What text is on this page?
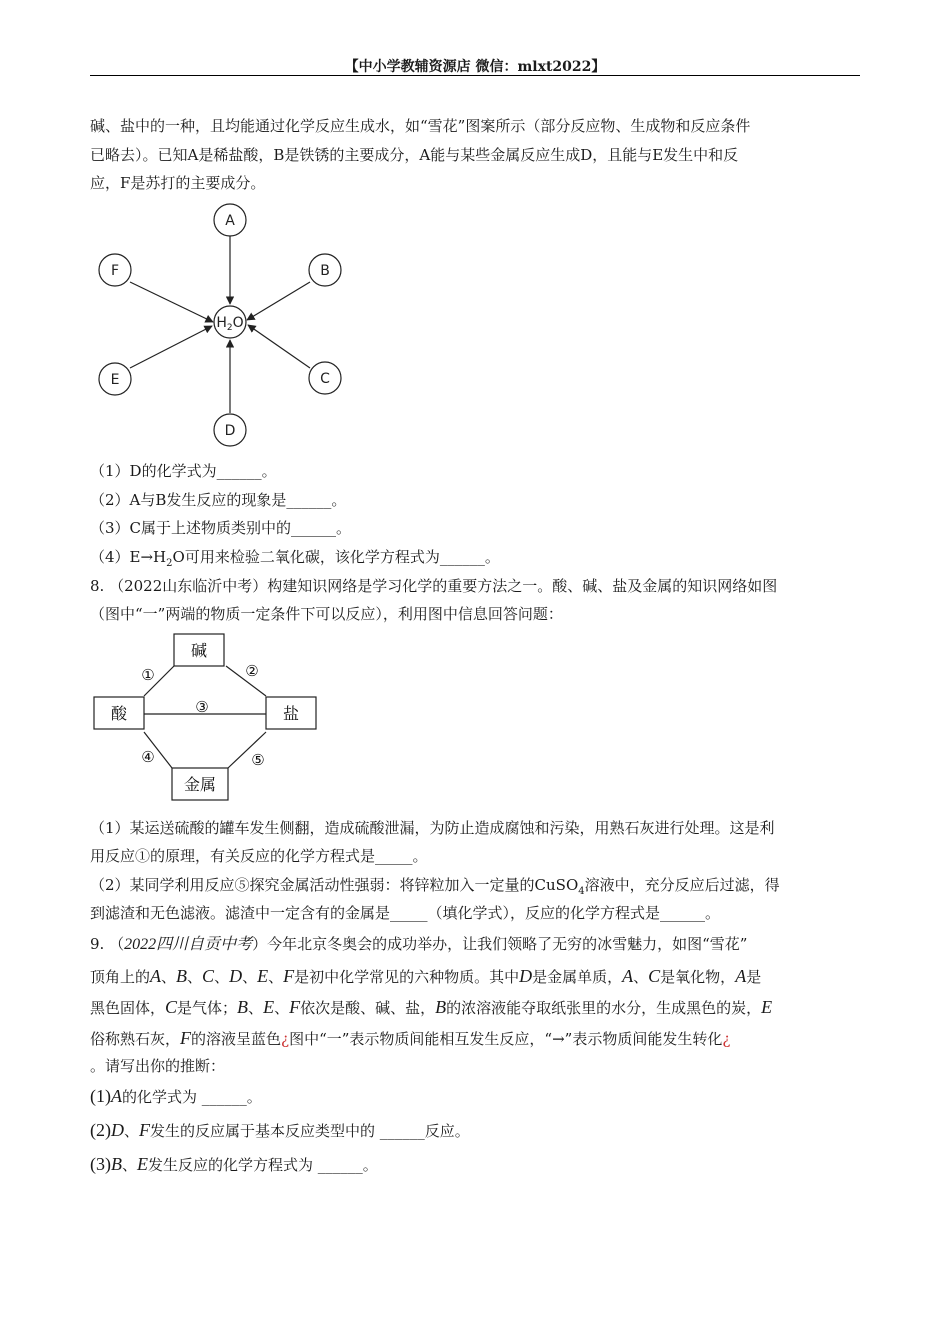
【中小学教辅资源店 微信：mlxt2022】
碱、盐中的一种，且均能通过化学反应生成水，如“雪花”图案所示（部分反应物、生成物和反应条件
已略去）。已知A是稀盐酸，B是铁锈的主要成分，A能与某些金属反应生成D，且能与E发生中和反
应，F是苏打的主要成分。
A
F	B
E	C
D
$H_2O$
（1）D的化学式为______。
（2）A与B发生反应的现象是______。
（3）C属于上述物质类别中的______。
$(4)E\to H_2O$可用来检验二氧化碳，该化学方程式为______。
8. （2022山东临沂中考）构建知识网络是学习化学的重要方法之一。酸、碱、盐及金属的知识网络如图
（图中“一”两端的物质一定条件下可以反应），利用图中信息回答问题：
碱
酸	盐
金属
①	②
③
④	⑤
（1）某运送硫酸的罐车发生侧翻，造成硫酸泄漏，为防止造成腐蚀和污染，用熟石灰进行处理。这是利
用反应①的原理，有关反应的化学方程式是_____。
（2）某同学利用反应⑤探究金属活动性强弱：将锌粒加入一定量的CuSO$_4$溶液中，充分反应后过滤，得
到滤渣和无色滤液。滤渣中一定含有的金属是_____（填化学式），反应的化学方程式是______。
9. （2022四川自贡中考）今年北京冬奥会的成功举办，让我们领略了无穷的冰雪魅力，如图“雪花”
顶角上的A、B、C、D、E、F是初中化学常见的六种物质。其中D是金属单质，A、C是氧化物，A是
黑色固体，C是气体；B、E、F依次是酸、碱、盐，B的浓溶液能夺取纸张里的水分，生成黑色的炭，E
俗称熟石灰，F的溶液呈蓝色¿图中“一”表示物质间能相互发生反应，“→”表示物质间能发生转化¿
。请写出你的推断：
(1)A的化学式为 ______。
(2)D、F发生的反应属于基本反应类型中的 ______反应。
(3)B、E发生反应的化学方程式为 ______。
